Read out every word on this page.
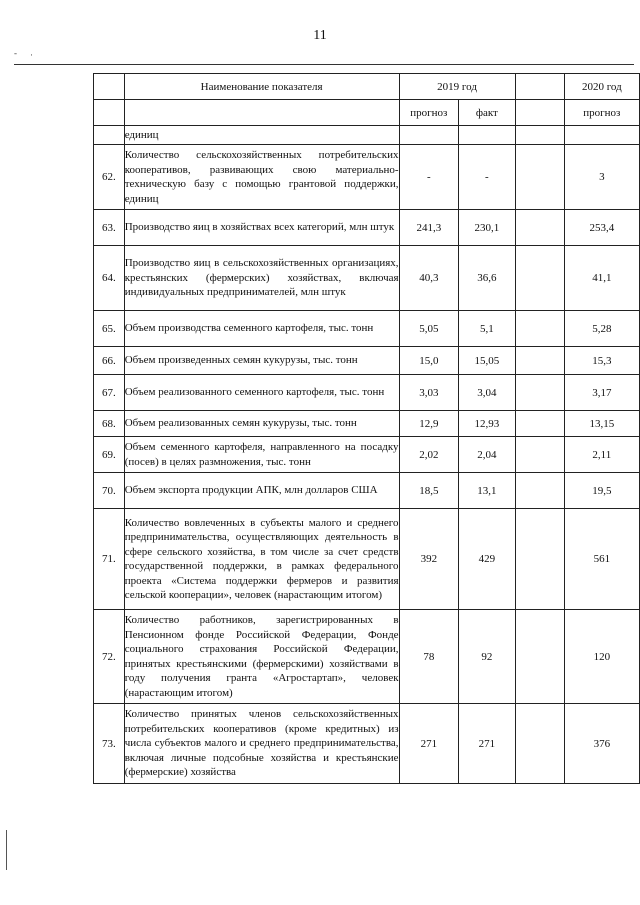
11
- ·
	Наименование показателя	2019 год			2020 год
		прогноз	факт		прогноз
	единиц				
62.	Количество сельскохозяйственных потребительских кооперативов, развивающих свою материально-техническую базу с помощью грантовой поддержки, единиц	-	-		3
63.	Производство яиц в хозяйствах всех категорий, млн штук	241,3	230,1		253,4
64.	Производство яиц в сельскохозяйственных организациях, крестьянских (фермерских) хозяйствах, включая индивидуальных предпринимателей, млн штук	40,3	36,6		41,1
65.	Объем производства семенного картофеля, тыс. тонн	5,05	5,1		5,28
66.	Объем произведенных семян кукурузы, тыс. тонн	15,0	15,05		15,3
67.	Объем реализованного семенного картофеля, тыс. тонн	3,03	3,04		3,17
68.	Объем реализованных семян кукурузы, тыс. тонн	12,9	12,93		13,15
69.	Объем семенного картофеля, направленного на посадку (посев) в целях размножения, тыс. тонн	2,02	2,04		2,11
70.	Объем экспорта продукции АПК, млн долларов США	18,5	13,1		19,5
71.	Количество вовлеченных в субъекты малого и среднего предпринимательства, осуществляющих деятельность в сфере сельского хозяйства, в том числе за счет средств государственной поддержки, в рамках федерального проекта «Система поддержки фермеров и развития сельской кооперации», человек (нарастающим итогом)	392	429		561
72.	Количество работников, зарегистрированных в Пенсионном фонде Российской Федерации, Фонде социального страхования Российской Федерации, принятых крестьянскими (фермерскими) хозяйствами в году получения гранта «Агростартап», человек (нарастающим итогом)	78	92		120
73.	Количество принятых членов сельскохозяйственных потребительских кооперативов (кроме кредитных) из числа субъектов малого и среднего предпринимательства, включая личные подсобные хозяйства и крестьянские (фермерские) хозяйства	271	271		376
